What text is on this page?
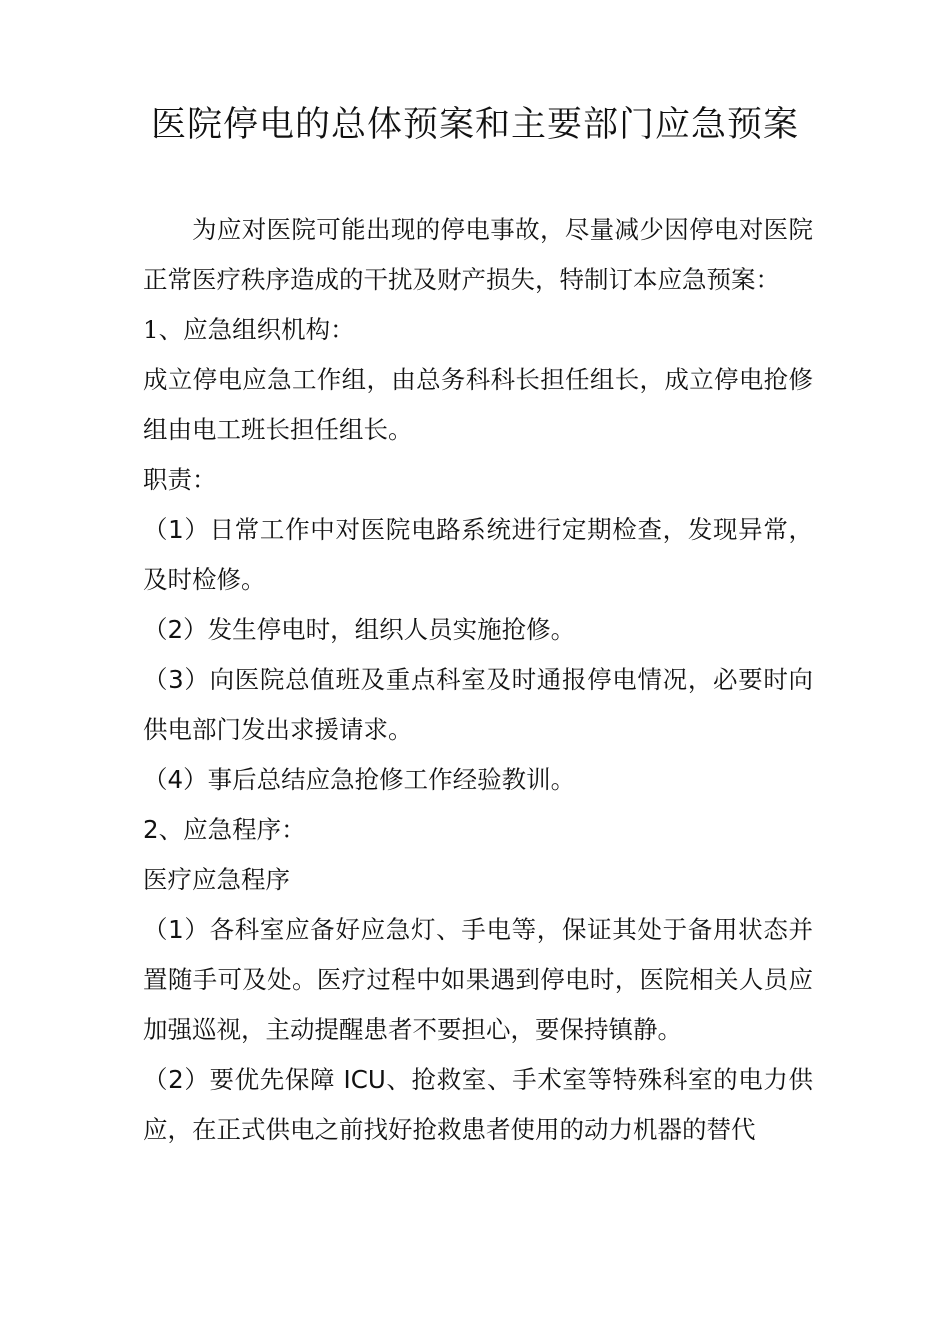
医院停电的总体预案和主要部门应急预案

为应对医院可能出现的停电事故，尽量减少因停电对医院正常医疗秩序造成的干扰及财产损失，特制订本应急预案：

1、应急组织机构：

成立停电应急工作组，由总务科科长担任组长，成立停电抢修组由电工班长担任组长。

职责：

（1）日常工作中对医院电路系统进行定期检查，发现异常，及时检修。

（2）发生停电时，组织人员实施抢修。

（3）向医院总值班及重点科室及时通报停电情况，必要时向供电部门发出求援请求。

（4）事后总结应急抢修工作经验教训。

2、应急程序：

医疗应急程序

（1）各科室应备好应急灯、手电等，保证其处于备用状态并置随手可及处。医疗过程中如果遇到停电时，医院相关人员应加强巡视，主动提醒患者不要担心，要保持镇静。

（2）要优先保障 ICU、抢救室、手术室等特殊科室的电力供应，在正式供电之前找好抢救患者使用的动力机器的替代
